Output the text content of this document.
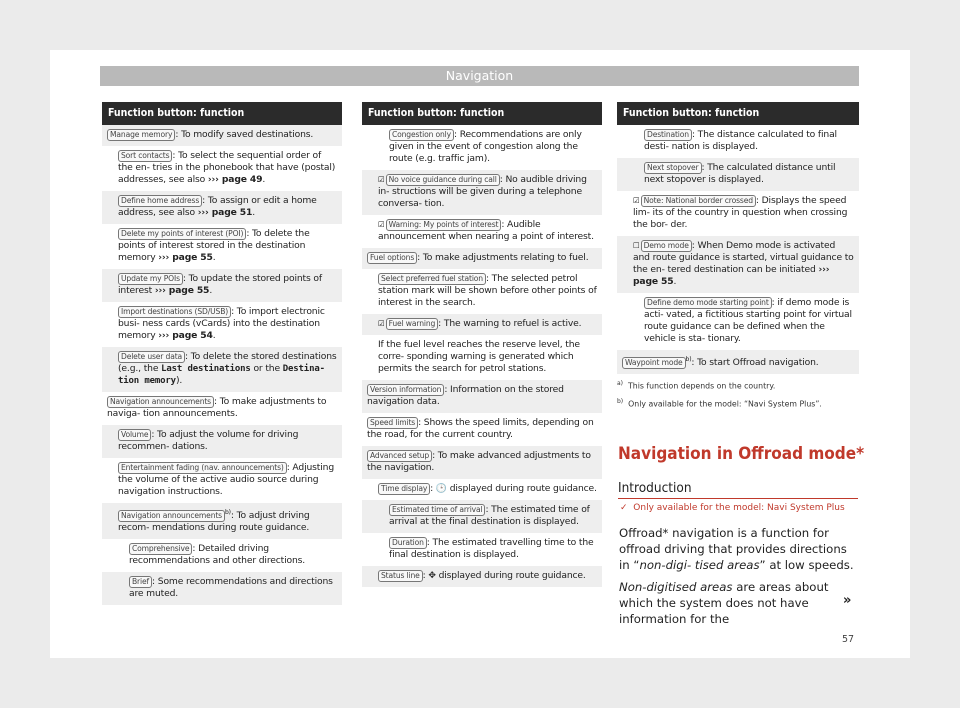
Navigation
Function button: function
Manage memory : To modify saved destinations.
Sort contacts : To select the sequential order of the en- tries in the phonebook that have (postal) addresses, see also ››› page 49.
Define home address : To assign or edit a home address, see also ››› page 51.
Delete my points of interest (POI) : To delete the points of interest stored in the destination memory ››› page 55.
Update my POIs : To update the stored points of interest ››› page 55.
Import destinations (SD/USB) : To import electronic busi- ness cards (vCards) into the destination memory ››› page 54.
Delete user data : To delete the stored destinations (e.g., the Last destinations or the Destina- tion memory).
Navigation announcements : To make adjustments to naviga- tion announcements.
Volume : To adjust the volume for driving recommen- dations.
Entertainment fading (nav. announcements) : Adjusting the volume of the active audio source during navigation instructions.
Navigation announcements $^{b)}$: To adjust driving recom- mendations during route guidance.
Comprehensive : Detailed driving recommendations and other directions.
Brief : Some recommendations and directions are muted.
Function button: function
Congestion only : Recommendations are only given in the event of congestion along the route (e.g. traffic jam).
☑ No voice guidance during call : No audible driving in- structions will be given during a telephone conversa- tion.
☑ Warning: My points of interest : Audible announcement when nearing a point of interest.
Fuel options : To make adjustments relating to fuel.
Select preferred fuel station : The selected petrol station mark will be shown before other points of interest in the search.
☑ Fuel warning : The warning to refuel is active.
If the fuel level reaches the reserve level, the corre- sponding warning is generated which permits the search for petrol stations.
Version information : Information on the stored navigation data.
Speed limits : Shows the speed limits, depending on the road, for the current country.
Advanced setup : To make advanced adjustments to the navigation.
Time display : 🕒 displayed during route guidance.
Estimated time of arrival : The estimated time of arrival at the final destination is displayed.
Duration : The estimated travelling time to the final destination is displayed.
Status line : ✥ displayed during route guidance.
Function button: function
Destination : The distance calculated to final desti- nation is displayed.
Next stopover : The calculated distance until next stopover is displayed.
☑ Note: National border crossed : Displays the speed lim- its of the country in question when crossing the bor- der.
☐ Demo mode : When Demo mode is activated and route guidance is started, virtual guidance to the en- tered destination can be initiated ››› page 55.
Define demo mode starting point : if demo mode is acti- vated, a fictitious starting point for virtual route guidance can be defined when the vehicle is sta- tionary.
Waypoint mode $^{b)}$: To start Offroad navigation.
$^{a)}$ This function depends on the country.
$^{b)}$ Only available for the model: “Navi System Plus”.
Navigation in Offroad mode*
Introduction
✓ Only available for the model: Navi System Plus

Offroad* navigation is a function for offroad driving that provides directions in “non-digi- tised areas” at low speeds.

Non-digitised areas are areas about which the system does not have information for the

»
57
